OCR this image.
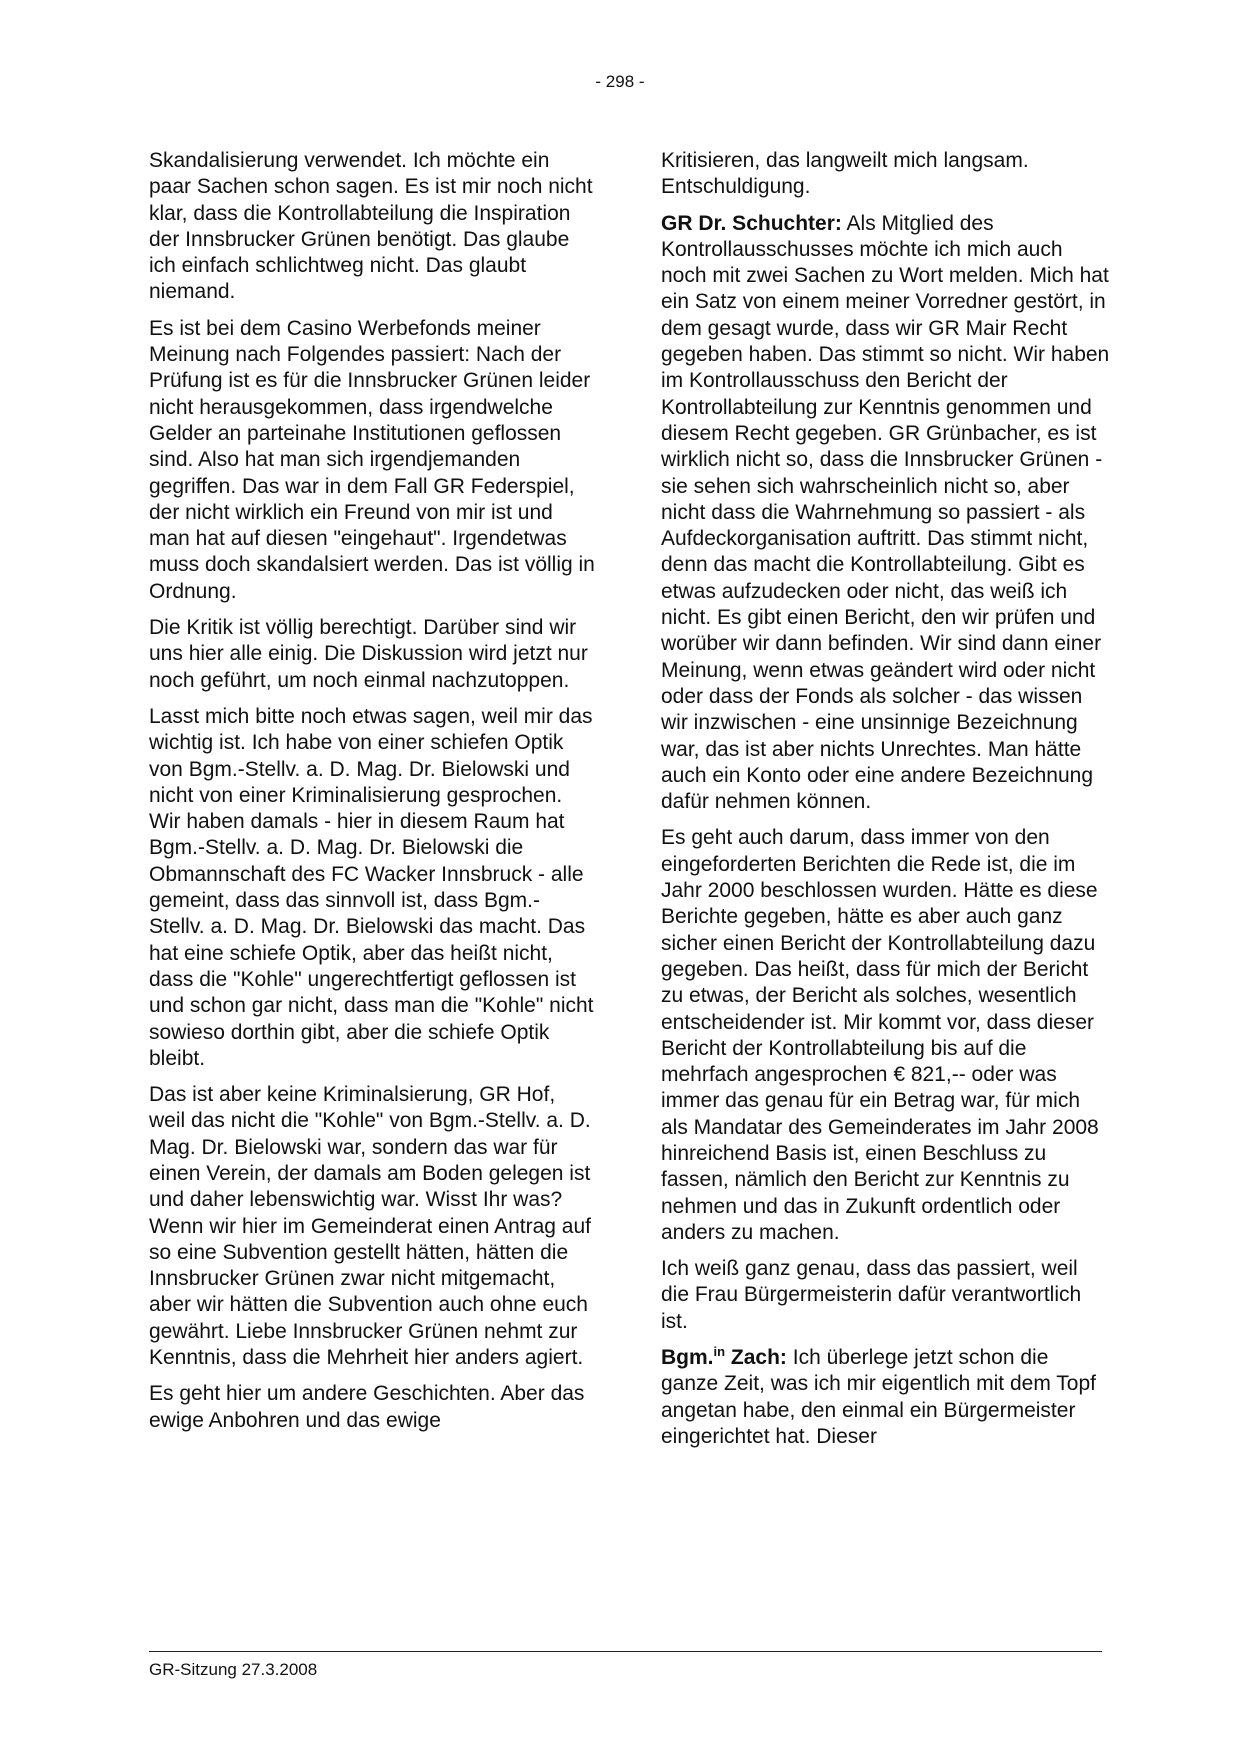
- 298 -

Skandalisierung verwendet. Ich möchte ein paar Sachen schon sagen. Es ist mir noch nicht klar, dass die Kontrollabteilung die Inspiration der Innsbrucker Grünen benötigt. Das glaube ich einfach schlichtweg nicht. Das glaubt niemand.

Es ist bei dem Casino Werbefonds meiner Meinung nach Folgendes passiert: Nach der Prüfung ist es für die Innsbrucker Grünen leider nicht herausgekommen, dass irgendwelche Gelder an parteinahe Institutionen geflossen sind. Also hat man sich irgendjemanden gegriffen. Das war in dem Fall GR Federspiel, der nicht wirklich ein Freund von mir ist und man hat auf diesen "eingehaut". Irgendetwas muss doch skandalsiert werden. Das ist völlig in Ordnung.

Die Kritik ist völlig berechtigt. Darüber sind wir uns hier alle einig. Die Diskussion wird jetzt nur noch geführt, um noch einmal nachzutoppen.

Lasst mich bitte noch etwas sagen, weil mir das wichtig ist. Ich habe von einer schiefen Optik von Bgm.-Stellv. a. D. Mag. Dr. Bielowski und nicht von einer Kriminalisierung gesprochen. Wir haben damals - hier in diesem Raum hat Bgm.-Stellv. a. D. Mag. Dr. Bielowski die Obmannschaft des FC Wacker Innsbruck - alle gemeint, dass das sinnvoll ist, dass Bgm.-Stellv. a. D. Mag. Dr. Bielowski das macht. Das hat eine schiefe Optik, aber das heißt nicht, dass die "Kohle" ungerechtfertigt geflossen ist und schon gar nicht, dass man die "Kohle" nicht sowieso dorthin gibt, aber die schiefe Optik bleibt.

Das ist aber keine Kriminalsierung, GR Hof, weil das nicht die "Kohle" von Bgm.-Stellv. a. D. Mag. Dr. Bielowski war, sondern das war für einen Verein, der damals am Boden gelegen ist und daher lebenswichtig war. Wisst Ihr was? Wenn wir hier im Gemeinderat einen Antrag auf so eine Subvention gestellt hätten, hätten die Innsbrucker Grünen zwar nicht mitgemacht, aber wir hätten die Subvention auch ohne euch gewährt. Liebe Innsbrucker Grünen nehmt zur Kenntnis, dass die Mehrheit hier anders agiert.

Es geht hier um andere Geschichten. Aber das ewige Anbohren und das ewige

Kritisieren, das langweilt mich langsam. Entschuldigung.

GR Dr. Schuchter: Als Mitglied des Kontrollausschusses möchte ich mich auch noch mit zwei Sachen zu Wort melden. Mich hat ein Satz von einem meiner Vorredner gestört, in dem gesagt wurde, dass wir GR Mair Recht gegeben haben. Das stimmt so nicht. Wir haben im Kontrollausschuss den Bericht der Kontrollabteilung zur Kenntnis genommen und diesem Recht gegeben. GR Grünbacher, es ist wirklich nicht so, dass die Innsbrucker Grünen - sie sehen sich wahrscheinlich nicht so, aber nicht dass die Wahrnehmung so passiert - als Aufdeckorganisation auftritt. Das stimmt nicht, denn das macht die Kontrollabteilung. Gibt es etwas aufzudecken oder nicht, das weiß ich nicht. Es gibt einen Bericht, den wir prüfen und worüber wir dann befinden. Wir sind dann einer Meinung, wenn etwas geändert wird oder nicht oder dass der Fonds als solcher - das wissen wir inzwischen - eine unsinnige Bezeichnung war, das ist aber nichts Unrechtes. Man hätte auch ein Konto oder eine andere Bezeichnung dafür nehmen können.

Es geht auch darum, dass immer von den eingeforderten Berichten die Rede ist, die im Jahr 2000 beschlossen wurden. Hätte es diese Berichte gegeben, hätte es aber auch ganz sicher einen Bericht der Kontrollabteilung dazu gegeben. Das heißt, dass für mich der Bericht zu etwas, der Bericht als solches, wesentlich entscheidender ist. Mir kommt vor, dass dieser Bericht der Kontrollabteilung bis auf die mehrfach angesprochen € 821,-- oder was immer das genau für ein Betrag war, für mich als Mandatar des Gemeinderates im Jahr 2008 hinreichend Basis ist, einen Beschluss zu fassen, nämlich den Bericht zur Kenntnis zu nehmen und das in Zukunft ordentlich oder anders zu machen.

Ich weiß ganz genau, dass das passiert, weil die Frau Bürgermeisterin dafür verantwortlich ist.

Bgm.$^{in}$ Zach: Ich überlege jetzt schon die ganze Zeit, was ich mir eigentlich mit dem Topf angetan habe, den einmal ein Bürgermeister eingerichtet hat. Dieser

GR-Sitzung 27.3.2008
